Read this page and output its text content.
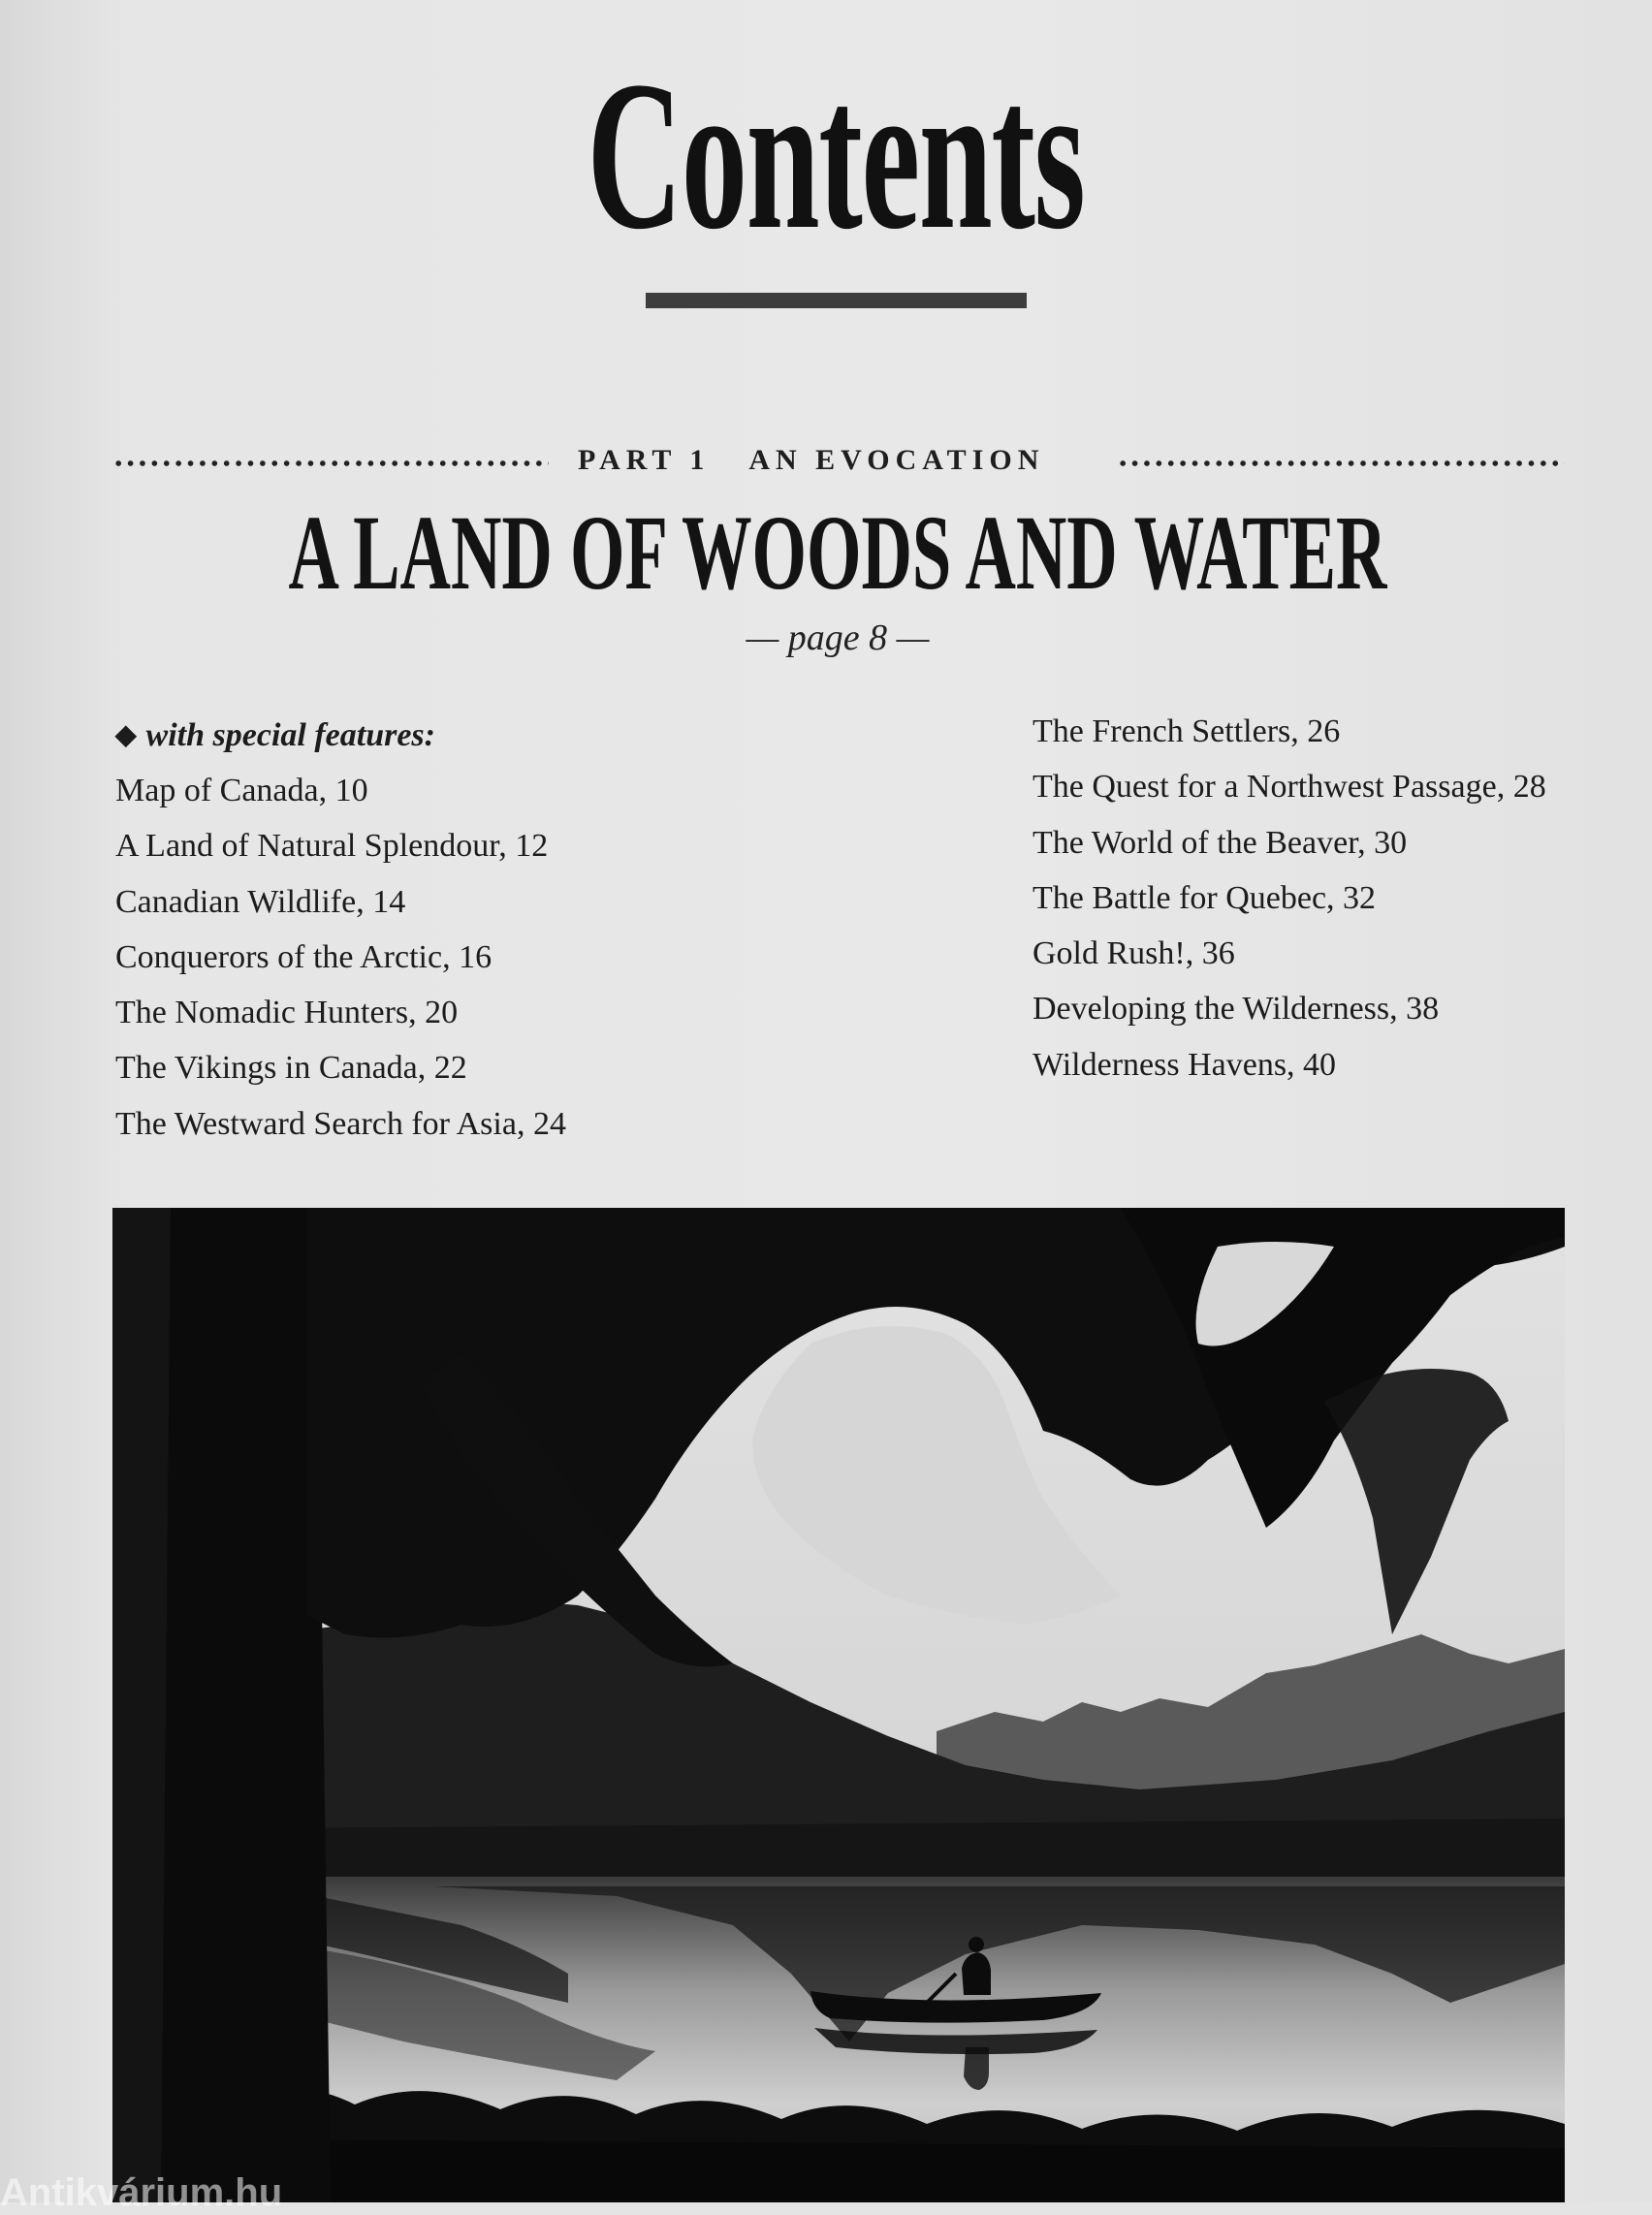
Contents
PART 1 AN EVOCATION
A LAND OF WOODS AND WATER
— page 8 —
◆ with special features:
Map of Canada, 10
A Land of Natural Splendour, 12
Canadian Wildlife, 14
Conquerors of the Arctic, 16
The Nomadic Hunters, 20
The Vikings in Canada, 22
The Westward Search for Asia, 24
The French Settlers, 26
The Quest for a Northwest Passage, 28
The World of the Beaver, 30
The Battle for Quebec, 32
Gold Rush!, 36
Developing the Wilderness, 38
Wilderness Havens, 40
Antikvárium.hu
